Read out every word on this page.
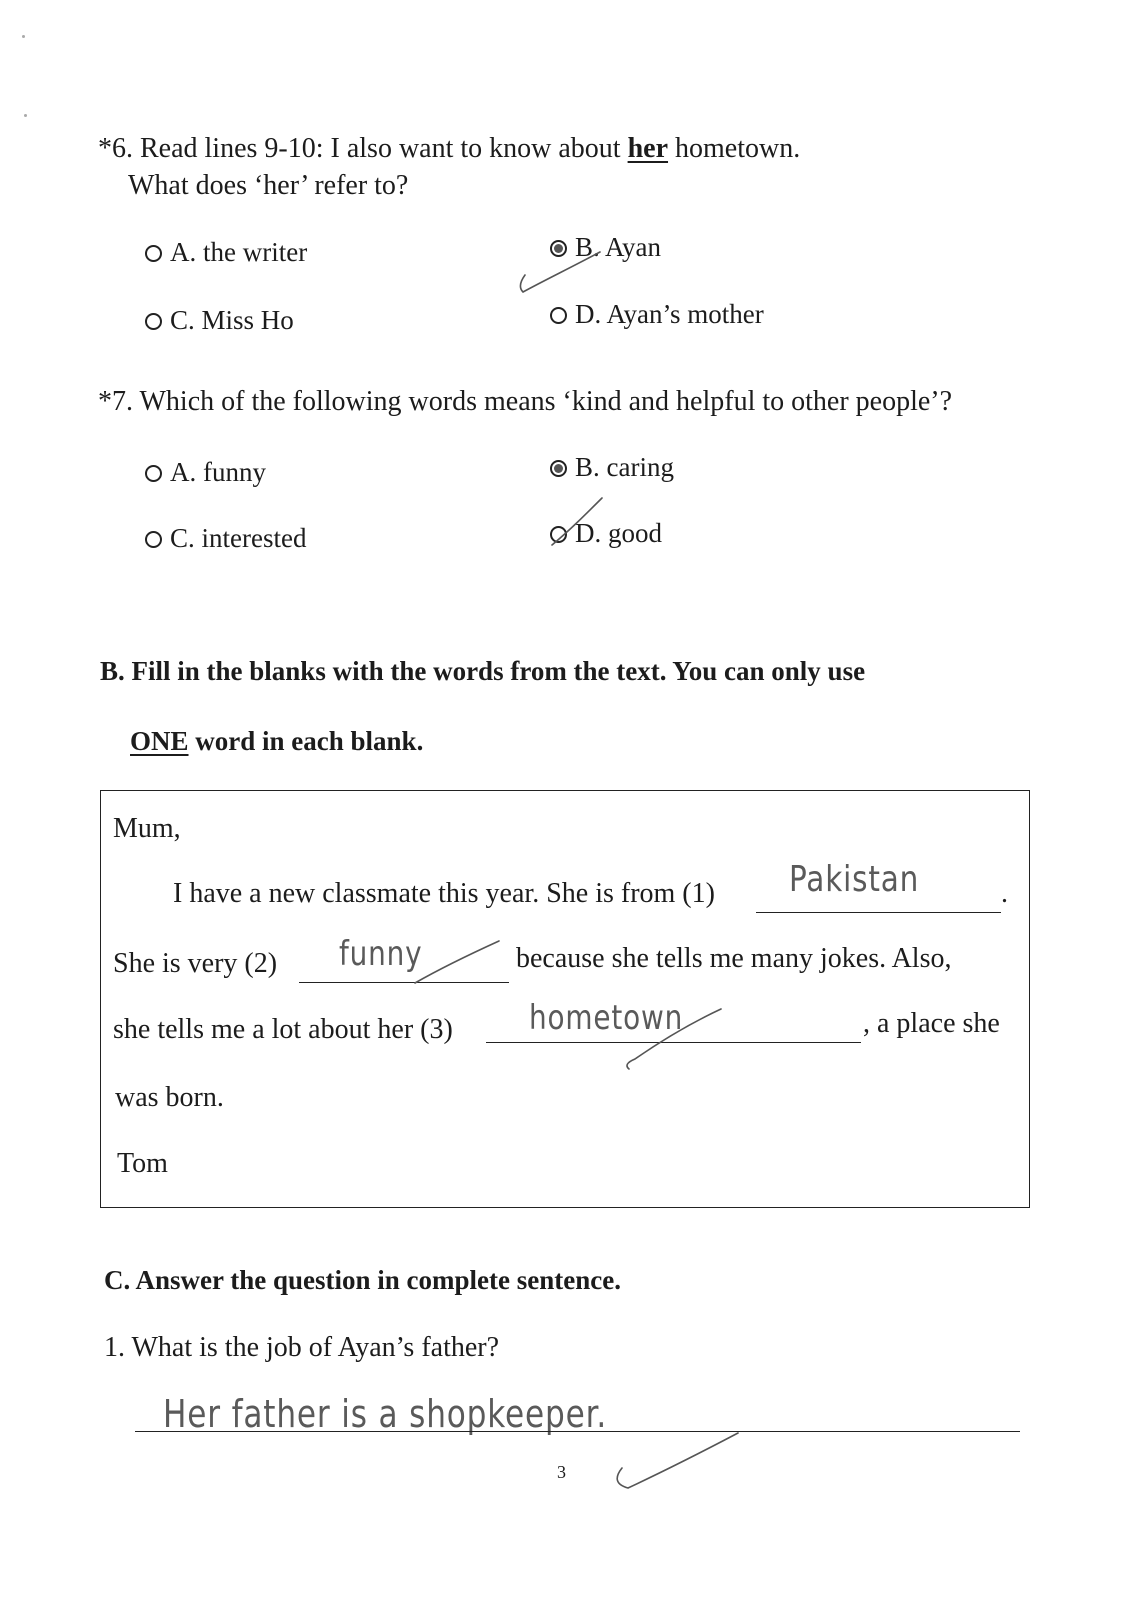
*6. Read lines 9-10: I also want to know about her hometown.
What does ‘her’ refer to?
A. the writer	B. Ayan
C. Miss Ho	D. Ayan’s mother
*7. Which of the following words means ‘kind and helpful to other people’?
A. funny	B. caring
C. interested	D. good
B. Fill in the blanks with the words from the text. You can only use
ONE word in each blank.
Mum,
I have a new classmate this year. She is from (1)	.
Pakistan
She is very (2)	because she tells me many jokes. Also,
funny
she tells me a lot about her (3)	, a place she
hometown
was born.
Tom
C. Answer the question in complete sentence.
1. What is the job of Ayan’s father?
Her father is a shopkeeper.
3
